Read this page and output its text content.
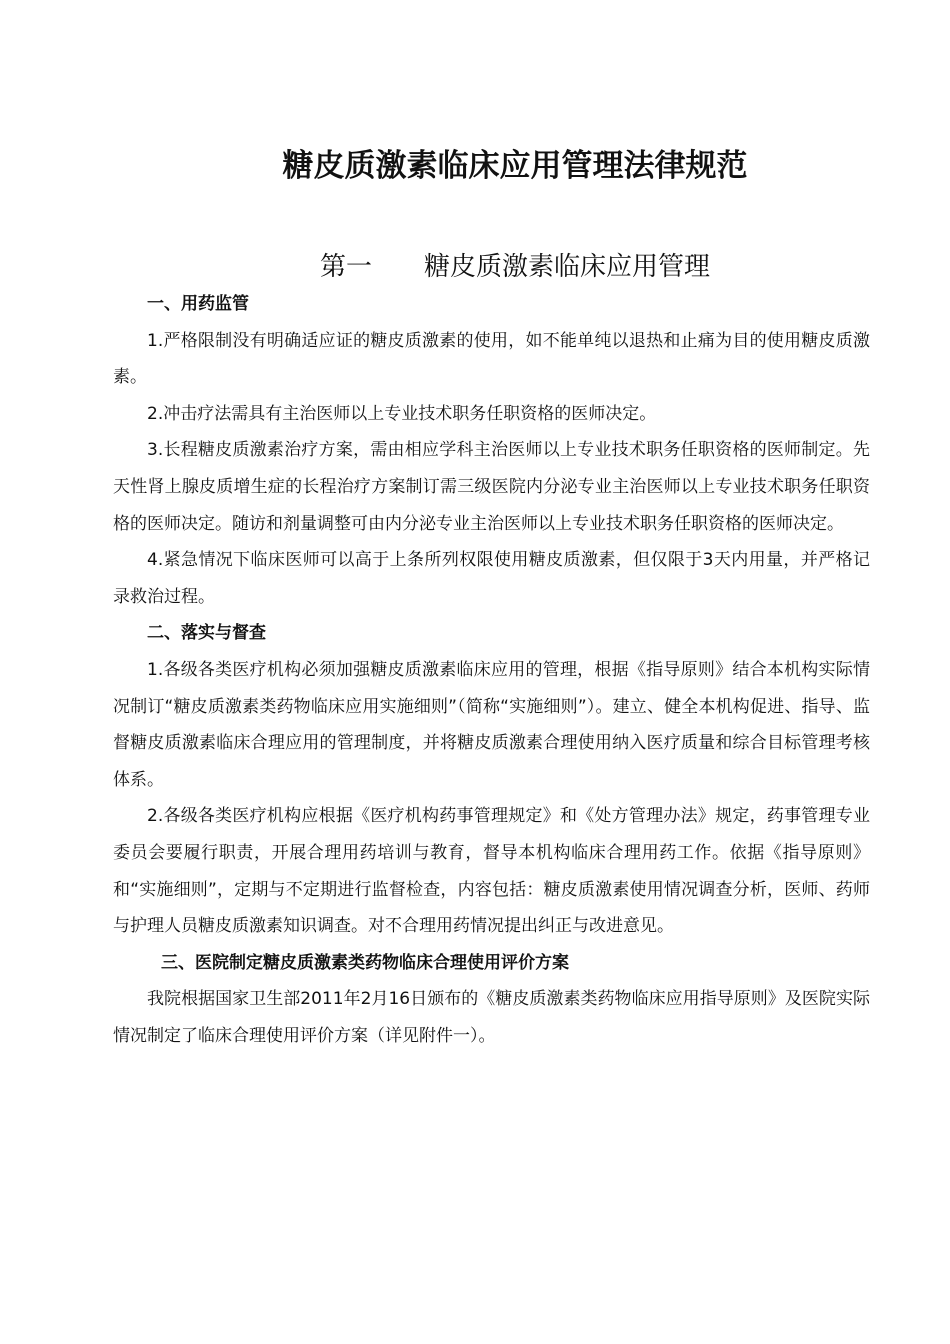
糖皮质激素临床应用管理法律规范
第一　　糖皮质激素临床应用管理

一、用药监管

1.严格限制没有明确适应证的糖皮质激素的使用，如不能单纯以退热和止痛为目的使用糖皮质激素。

2.冲击疗法需具有主治医师以上专业技术职务任职资格的医师决定。

3.长程糖皮质激素治疗方案，需由相应学科主治医师以上专业技术职务任职资格的医师制定。先天性肾上腺皮质增生症的长程治疗方案制订需三级医院内分泌专业主治医师以上专业技术职务任职资格的医师决定。随访和剂量调整可由内分泌专业主治医师以上专业技术职务任职资格的医师决定。

4.紧急情况下临床医师可以高于上条所列权限使用糖皮质激素，但仅限于3天内用量，并严格记录救治过程。

二、落实与督查

1.各级各类医疗机构必须加强糖皮质激素临床应用的管理，根据《指导原则》结合本机构实际情况制订“糖皮质激素类药物临床应用实施细则”（简称“实施细则”）。建立、健全本机构促进、指导、监督糖皮质激素临床合理应用的管理制度，并将糖皮质激素合理使用纳入医疗质量和综合目标管理考核体系。

2.各级各类医疗机构应根据《医疗机构药事管理规定》和《处方管理办法》规定，药事管理专业委员会要履行职责，开展合理用药培训与教育，督导本机构临床合理用药工作。依据《指导原则》和“实施细则”，定期与不定期进行监督检查，内容包括：糖皮质激素使用情况调查分析，医师、药师与护理人员糖皮质激素知识调查。对不合理用药情况提出纠正与改进意见。

三、医院制定糖皮质激素类药物临床合理使用评价方案

我院根据国家卫生部2011年2月16日颁布的《糖皮质激素类药物临床应用指导原则》及医院实际情况制定了临床合理使用评价方案（详见附件一）。
